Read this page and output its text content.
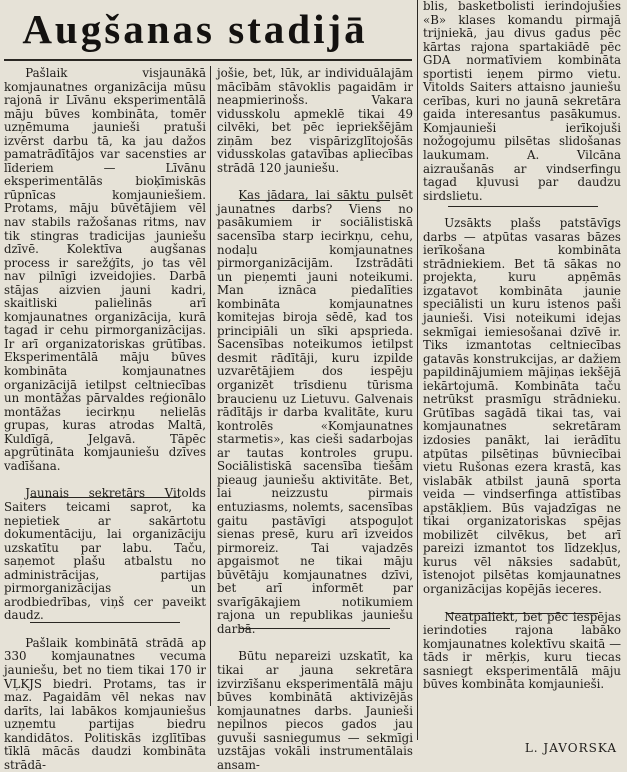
Augšanas stadijā

Pašlaik visjaunākā komjaunatnes organizācija mūsu rajonā ir Līvānu eksperimentālā māju būves kombināta, tomēr uzņēmuma jaunieši pratuši izvērst darbu tā, ka jau dažos pamatrādītājos var sacensties ar līderiem — Līvānu eksperimentālās bioķīmiskās rūpnīcas komjauniešiem. Protams, māju būvētājiem vēl nav stabils ražošanas ritms, nav tik stingras tradicijas jauniešu dzīvē. Kolektīva augšanas process ir sarežģīts, jo tas vēl nav pilnīgi izveidojies. Darbā stājas aizvien jauni kadri, skaitliski palielinās arī komjaunatnes organizācija, kurā tagad ir cehu pirmorganizācijas. Ir arī organizatoriskas grūtības. Eksperimentālā māju būves kombināta komjaunatnes organizācijā ietilpst celtniecības un montāžas pārvaldes reģionālo montāžas iecirkņu nelielās grupas, kuras atrodas Maltā, Kuldīgā, Jelgavā. Tāpēc apgrūtināta komjauniešu dzīves vadīšana.

Jaunais sekretārs Vitolds Saiters teicami saprot, ka nepietiek ar sakārtotu dokumentāciju, lai organizāciju uzskatītu par labu. Taču, saņemot plašu atbalstu no administrācijas, partijas pirmorganizācijas un arodbiedrības, viņš cer paveikt daudz.

Pašlaik kombinātā strādā ap 330 komjaunatnes vecuma jauniešu, bet no tiem tikai 170 ir VĻKJS biedri. Protams, tas ir maz. Pagaidām vēl nekas nav darīts, lai labākos komjauniešus uzņemtu partijas biedru kandidātos. Politiskās izglītības tīklā mācās daudzi kombināta strādā-

jošie, bet, lūk, ar individuālajām mācībām stāvoklis pagaidām ir neapmierinošs. Vakara vidusskolu apmeklē tikai 49 cilvēki, bet pēc iepriekšējām ziņām bez vispārizglītojošās vidusskolas gatavības apliecības strādā 120 jauniešu.

Kas jādara, lai sāktu pulsēt jaunatnes darbs? Viens no pasākumiem ir sociālistiskā sacensība starp iecirkņu, cehu, nodaļu komjaunatnes pirmorganizācijām. Izstrādāti un pieņemti jauni noteikumi. Man iznāca piedalīties kombināta komjaunatnes komitejas biroja sēdē, kad tos principiāli un sīki apsprieda. Sacensības noteikumos ietilpst desmit rādītāji, kuru izpilde uzvarētājiem dos iespēju organizēt trīsdienu tūrisma braucienu uz Lietuvu. Galvenais rādītājs ir darba kvalitāte, kuru kontrolēs «Komjaunatnes starmetis», kas cieši sadarbojas ar tautas kontroles grupu. Sociālistiskā sacensība tiešām pieaug jauniešu aktivitāte. Bet, lai neizzustu pirmais entuziasms, nolemts, sacensības gaitu pastāvīgi atspoguļot sienas presē, kuru arī izveidos pirmoreiz. Tai vajadzēs apgaismot ne tikai māju būvētāju komjaunatnes dzīvi, bet arī informēt par svarīgākajiem notikumiem rajona un republikas jauniešu darbā.

Būtu nepareizi uzskatīt, ka tikai ar jauna sekretāra izvirzīšanu eksperimentālā māju būves kombinātā aktivizējās komjaunatnes darbs. Jaunieši nepilnos piecos gados jau guvuši sasniegumus — sekmīgi uzstājas vokāli instrumentālais ansam-

blis, basketbolisti ierindojušies «B» klases komandu pirmajā trijniekā, jau divus gadus pēc kārtas rajona spartakiādē pēc GDA normatīviem kombināta sportisti ieņem pirmo vietu. Vitolds Saiters attaisno jauniešu cerības, kuri no jaunā sekretāra gaida interesantus pasākumus. Komjaunieši ierīkojuši nožogojumu pilsētas slidošanas laukumam. A. Vilcāna aizraušanās ar vindserfingu tagad kļuvusi par daudzu sirdslietu.

Uzsākts plašs patstāvīgs darbs — atpūtas vasaras bāzes ierīkošana kombināta strādniekiem. Bet tā sākas no projekta, kuru apņēmās izgatavot kombināta jaunie speciālisti un kuru istenos paši jaunieši. Visi noteikumi idejas sekmīgai iemiesošanai dzīvē ir. Tiks izmantotas celtniecības gatavās konstrukcijas, ar dažiem papildinājumiem mājiņas iekšējā iekārtojumā. Kombināta taču netrūkst prasmīgu strādnieku. Grūtības sagādā tikai tas, vai komjaunatnes sekretāram izdosies panākt, lai ierādītu atpūtas pilsētiņas būvniecībai vietu Rušonas ezera krastā, kas vislabāk atbilst jaunā sporta veida — vindserfinga attīstības apstākļiem. Būs vajadzīgas ne tikai organizatoriskas spējas mobilizēt cilvēkus, bet arī pareizi izmantot tos līdzekļus, kurus vēl nāksies sadabūt, īstenojot pilsētas komjaunatnes organizācijas kopējās ieceres.

Neatpaliekt, bet pēc iespējas ierindoties rajona labāko komjaunatnes kolektīvu skaitā — tāds ir mērķis, kuru tiecas sasniegt eksperimentālā māju būves kombināta komjaunieši.

L. JAVORSKA
